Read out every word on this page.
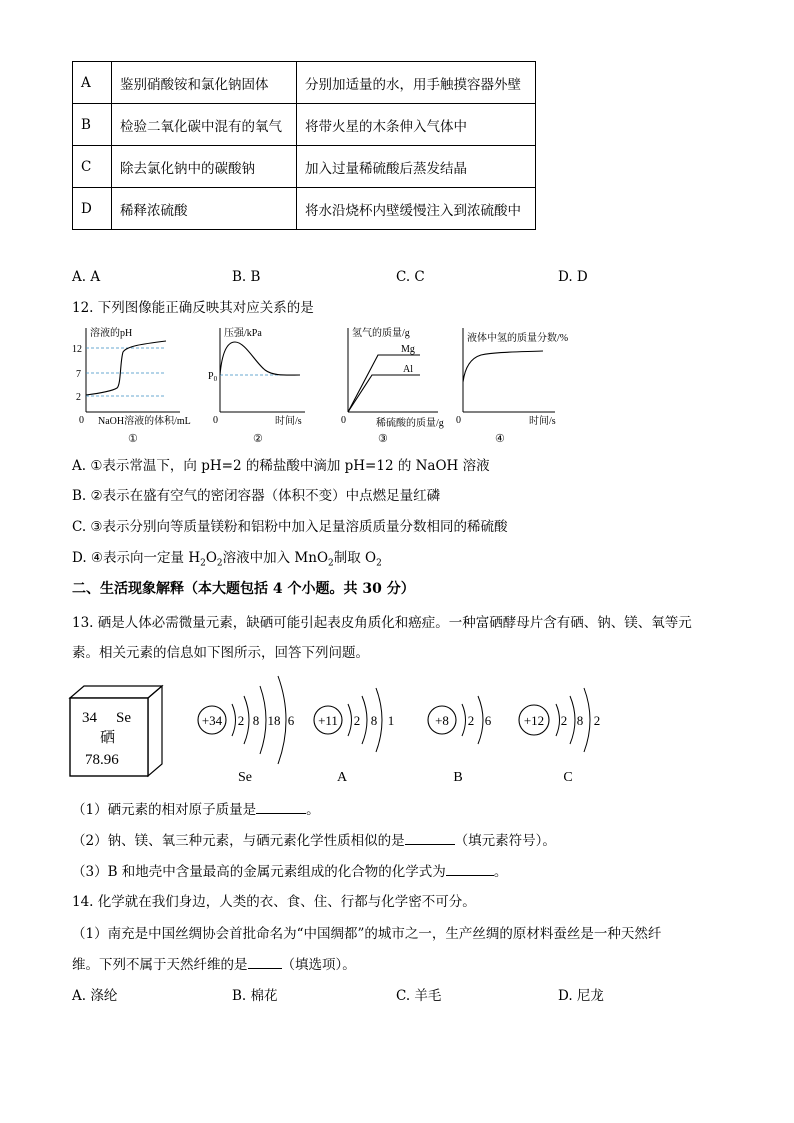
A	鉴别硝酸铵和氯化钠固体	分别加适量的水，用手触摸容器外壁
B	检验二氧化碳中混有的氧气	将带火星的木条伸入气体中
C	除去氯化钠中的碳酸钠	加入过量稀硫酸后蒸发结晶
D	稀释浓硫酸	将水沿烧杯内壁缓慢注入到浓硫酸中
A. A	B. B	C. C	D. D
12. 下列图像能正确反映其对应关系的是
溶液的pH
12
7
2
0 NaOH溶液的体积/mL
①
压强/kPa
$P_0$
0	时间/s
②
氢气的质量/g
Mg
Al
0	稀硫酸的质量/g
③
液体中氢的质量分数/%
0	时间/s
④
A. ①表示常温下，向 pH=2 的稀盐酸中滴加 pH=12 的 NaOH 溶液
B. ②表示在盛有空气的密闭容器（体积不变）中点燃足量红磷
C. ③表示分别向等质量镁粉和铝粉中加入足量溶质质量分数相同的稀硫酸
D. ④表示向一定量 $H_2O_2$溶液中加入 MnO$_2$制取 $O_2$
二、生活现象解释（本大题包括 4 个小题。共 30 分）
13. 硒是人体必需微量元素，缺硒可能引起表皮角质化和癌症。一种富硒酵母片含有硒、钠、镁、氧等元
素。相关元素的信息如下图所示，回答下列问题。
34 Se
硒
78.96
+34 2 8 18 6
Se
+11 2 8 1
A
+8 2 6
B
+12 2 8 2
C
（1）硒元素的相对原子质量是	。
（2）钠、镁、氧三种元素，与硒元素化学性质相似的是	（填元素符号）。
（3）B 和地壳中含量最高的金属元素组成的化合物的化学式为	。
14. 化学就在我们身边，人类的衣、食、住、行都与化学密不可分。
（1）南充是中国丝绸协会首批命名为“中国绸都”的城市之一，生产丝绸的原材料蚕丝是一种天然纤
维。下列不属于天然纤维的是	（填选项）。
A. 涤纶	B. 棉花	C. 羊毛	D. 尼龙
